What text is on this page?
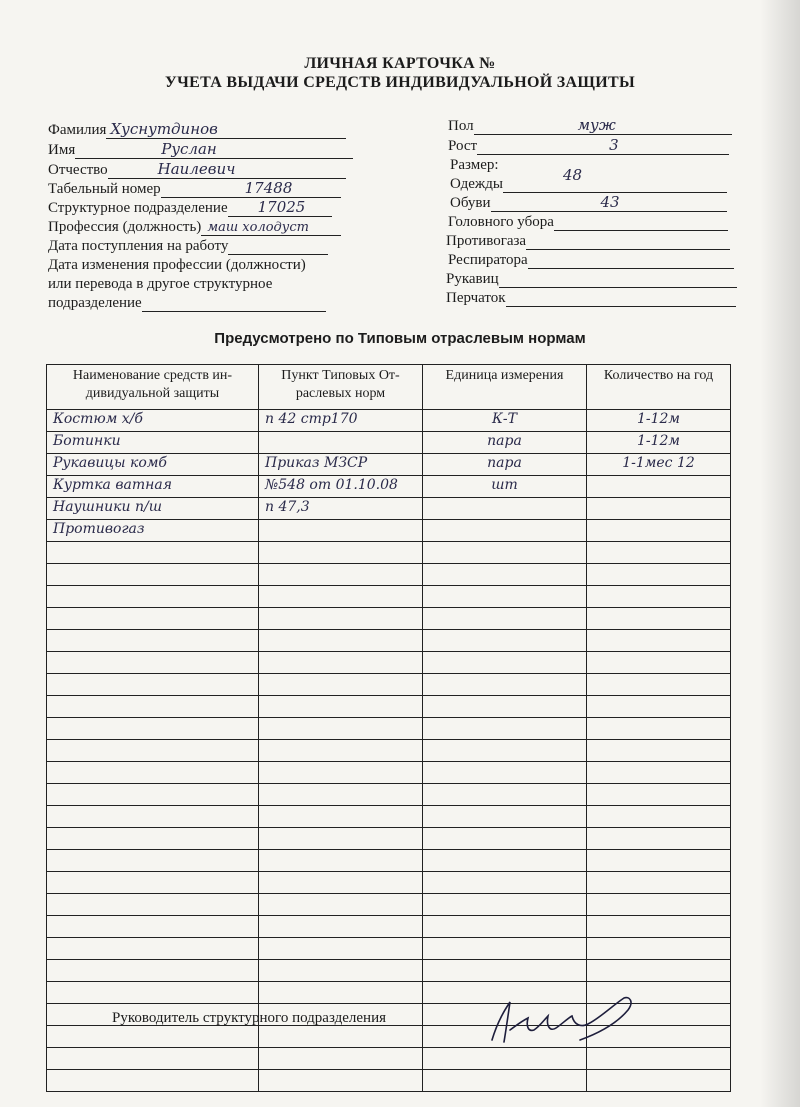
ЛИЧНАЯ КАРТОЧКА №
УЧЕТА ВЫДАЧИ СРЕДСТВ ИНДИВИДУАЛЬНОЙ ЗАЩИТЫ
Фамилия Хуснутдинов
Имя	Руслан
Отчество	Наилевич
Табельный номер	17488
Структурное подразделение 17025
Профессия (должность) маш холодуст
Дата поступления на работу
Дата изменения профессии (должности)
или перевода в другое структурное
подразделение
Пол	муж
Рост	3
Размер:
Одежды	48
Обуви	43
Головного убора
Противогаза
Респиратора
Рукавиц
Перчаток
Предусмотрено по Типовым отраслевым нормам
Наименование средств ин-дивидуальной защиты	Пункт Типовых От-раслевых норм	Единица измерения	Количество на год

Костюм х/б	п 42 стр170	К-Т	1-12м

Ботинки		пара	1-12м

Рукавицы комб	Приказ МЗСР	пара	1-1мес 12

Куртка ватная	№548 от 01.10.08	шт	

Наушники п/ш	п 47,3		

Противогаз			

Руководитель структурного подразделения
